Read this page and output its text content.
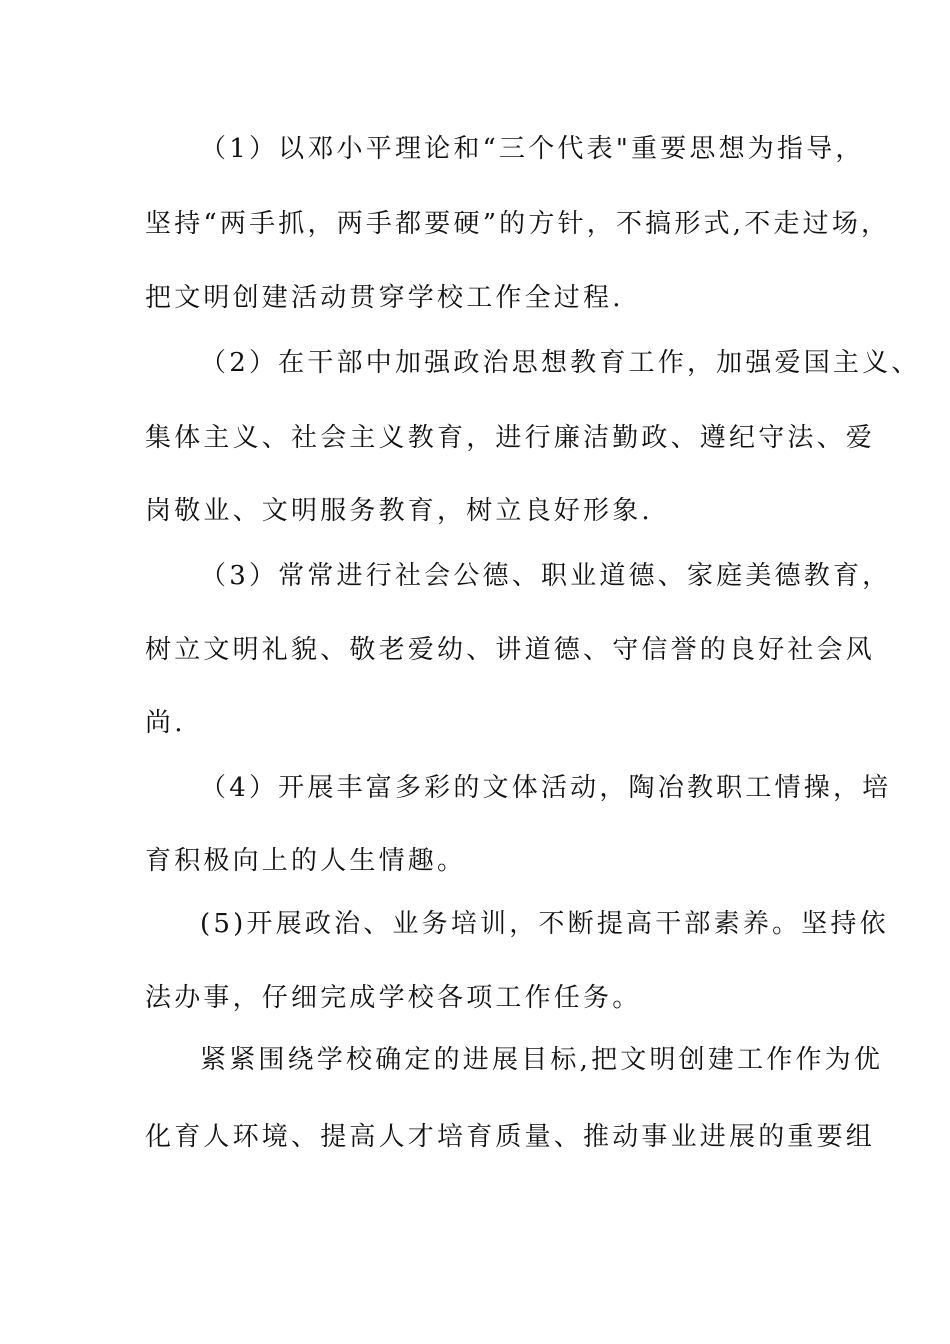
（1）以邓小平理论和“三个代表"重要思想为指导，
坚持“两手抓，两手都要硬”的方针，不搞形式,不走过场，
把文明创建活动贯穿学校工作全过程.
（2）在干部中加强政治思想教育工作，加强爱国主义、
集体主义、社会主义教育，进行廉洁勤政、遵纪守法、爱
岗敬业、文明服务教育，树立良好形象.
（3）常常进行社会公德、职业道德、家庭美德教育，
树立文明礼貌、敬老爱幼、讲道德、守信誉的良好社会风
尚.
（4）开展丰富多彩的文体活动，陶冶教职工情操，培
育积极向上的人生情趣。
(5)开展政治、业务培训，不断提高干部素养。坚持依
法办事，仔细完成学校各项工作任务。
紧紧围绕学校确定的进展目标,把文明创建工作作为优
化育人环境、提高人才培育质量、推动事业进展的重要组
